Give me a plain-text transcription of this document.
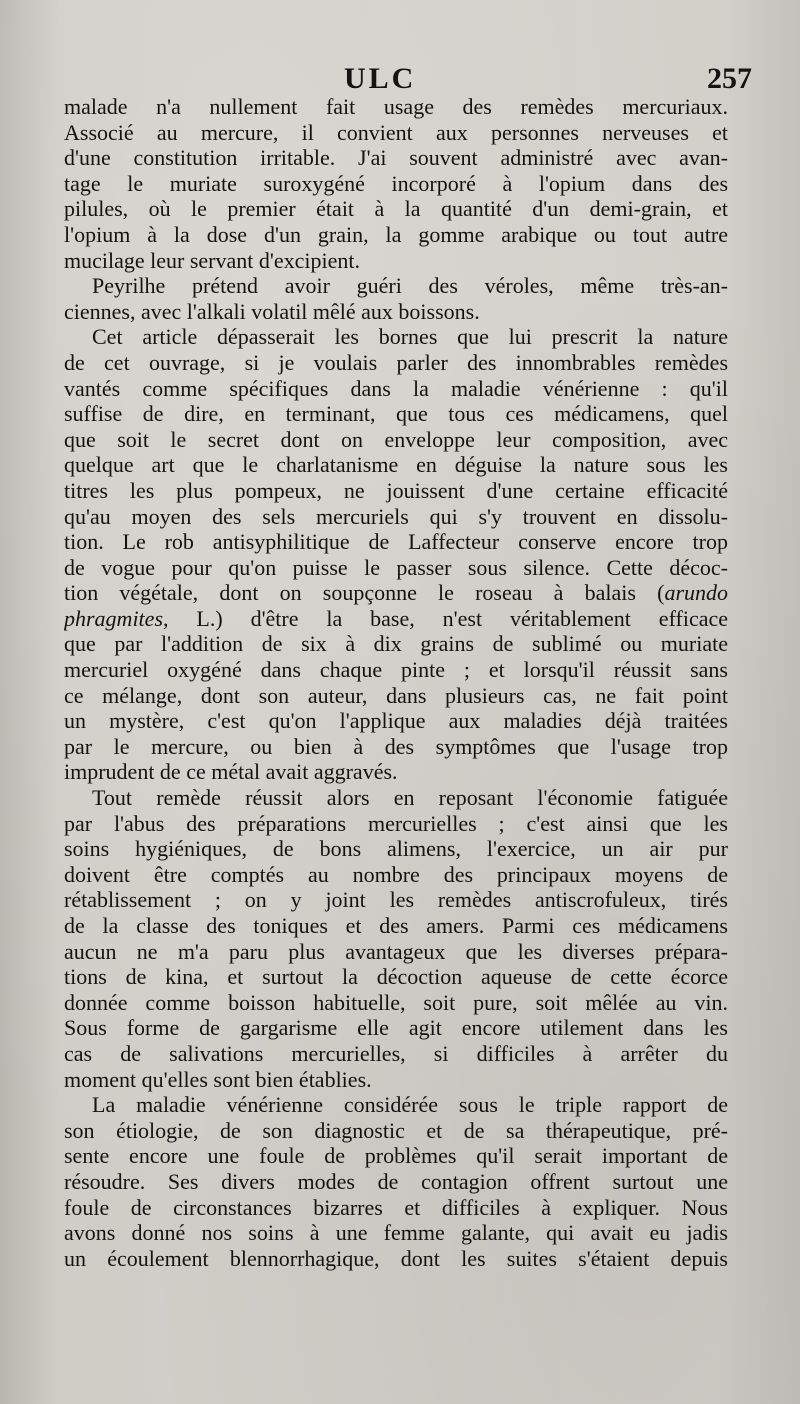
ULC	257
malade n'a nullement fait usage des remèdes mercuriaux.
Associé au mercure, il convient aux personnes nerveuses et
d'une constitution irritable. J'ai souvent administré avec avan-
tage le muriate suroxygéné incorporé à l'opium dans des
pilules, où le premier était à la quantité d'un demi-grain, et
l'opium à la dose d'un grain, la gomme arabique ou tout autre
mucilage leur servant d'excipient.
Peyrilhe prétend avoir guéri des véroles, même très-an-
ciennes, avec l'alkali volatil mêlé aux boissons.
Cet article dépasserait les bornes que lui prescrit la nature
de cet ouvrage, si je voulais parler des innombrables remèdes
vantés comme spécifiques dans la maladie vénérienne : qu'il
suffise de dire, en terminant, que tous ces médicamens, quel
que soit le secret dont on enveloppe leur composition, avec
quelque art que le charlatanisme en déguise la nature sous les
titres les plus pompeux, ne jouissent d'une certaine efficacité
qu'au moyen des sels mercuriels qui s'y trouvent en dissolu-
tion. Le rob antisyphilitique de Laffecteur conserve encore trop
de vogue pour qu'on puisse le passer sous silence. Cette décoc-
tion végétale, dont on soupçonne le roseau à balais (arundo
phragmites, L.) d'être la base, n'est véritablement efficace
que par l'addition de six à dix grains de sublimé ou muriate
mercuriel oxygéné dans chaque pinte ; et lorsqu'il réussit sans
ce mélange, dont son auteur, dans plusieurs cas, ne fait point
un mystère, c'est qu'on l'applique aux maladies déjà traitées
par le mercure, ou bien à des symptômes que l'usage trop
imprudent de ce métal avait aggravés.
Tout remède réussit alors en reposant l'économie fatiguée
par l'abus des préparations mercurielles ; c'est ainsi que les
soins hygiéniques, de bons alimens, l'exercice, un air pur
doivent être comptés au nombre des principaux moyens de
rétablissement ; on y joint les remèdes antiscrofuleux, tirés
de la classe des toniques et des amers. Parmi ces médicamens
aucun ne m'a paru plus avantageux que les diverses prépara-
tions de kina, et surtout la décoction aqueuse de cette écorce
donnée comme boisson habituelle, soit pure, soit mêlée au vin.
Sous forme de gargarisme elle agit encore utilement dans les
cas de salivations mercurielles, si difficiles à arrêter du
moment qu'elles sont bien établies.
La maladie vénérienne considérée sous le triple rapport de
son étiologie, de son diagnostic et de sa thérapeutique, pré-
sente encore une foule de problèmes qu'il serait important de
résoudre. Ses divers modes de contagion offrent surtout une
foule de circonstances bizarres et difficiles à expliquer. Nous
avons donné nos soins à une femme galante, qui avait eu jadis
un écoulement blennorrhagique, dont les suites s'étaient depuis
